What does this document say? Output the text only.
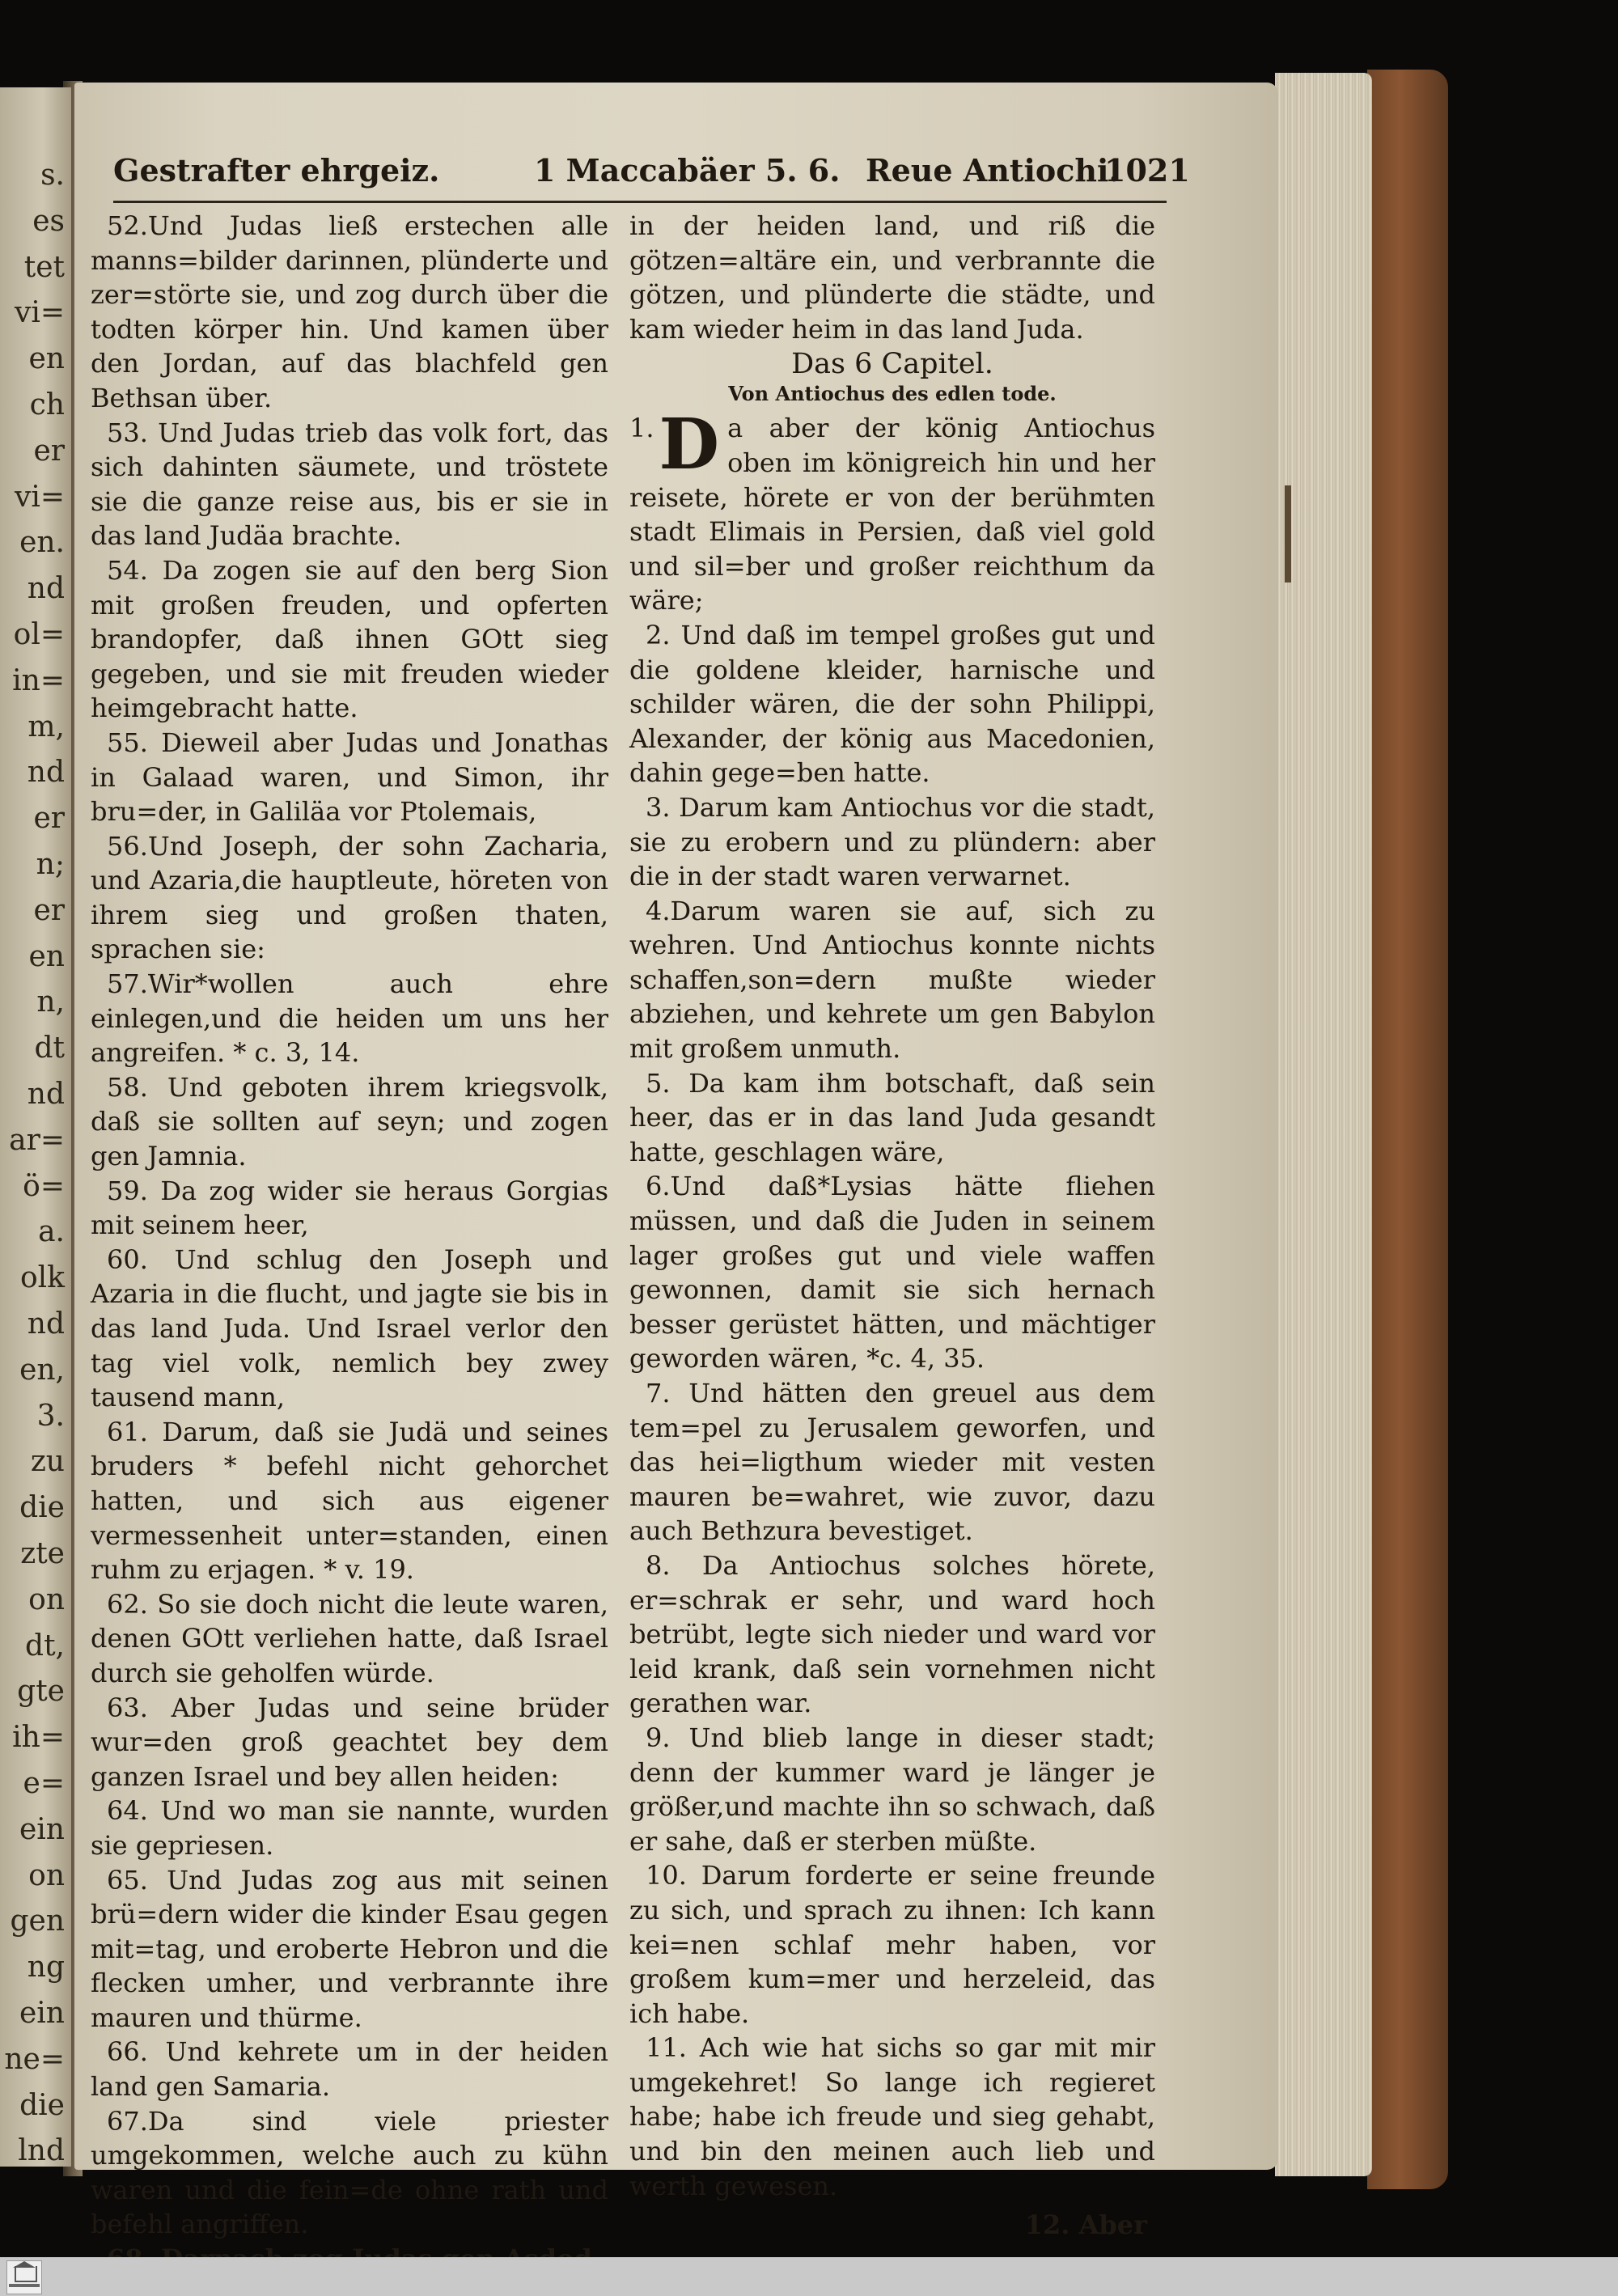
s.
es
tet
vi=
en
ch
er
vi=
en.
nd
ol=
in=
m,
nd
er
n;
er
en
n,
dt
nd
ar=
ö=
a.
olk
nd
en,
3.
zu
die
zte
on
dt,
gte
ih=
e=
ein
on
gen
ng
ein
ne=
die
lnd
Gestrafter ehrgeiz.	1 Maccabäer 5. 6. Reue Antiochi.
1021

52.Und Judas ließ erstechen alle manns=bilder darinnen, plünderte und zer=störte sie, und zog durch über die todten körper hin. Und kamen über den Jordan, auf das blachfeld gen Bethsan über.

53. Und Judas trieb das volk fort, das sich dahinten säumete, und tröstete sie die ganze reise aus, bis er sie in das land Judäa brachte.

54. Da zogen sie auf den berg Sion mit großen freuden, und opferten brandopfer, daß ihnen GOtt sieg gegeben, und sie mit freuden wieder heimgebracht hatte.

55. Dieweil aber Judas und Jonathas in Galaad waren, und Simon, ihr bru=der, in Galiläa vor Ptolemais,

56.Und Joseph, der sohn Zacharia, und Azaria,die hauptleute, höreten von ihrem sieg und großen thaten, sprachen sie:

57.Wir*wollen auch ehre einlegen,und die heiden um uns her angreifen. * c. 3, 14.

58. Und geboten ihrem kriegsvolk, daß sie sollten auf seyn; und zogen gen Jamnia.

59. Da zog wider sie heraus Gorgias mit seinem heer,

60. Und schlug den Joseph und Azaria in die flucht, und jagte sie bis in das land Juda. Und Israel verlor den tag viel volk, nemlich bey zwey tausend mann,

61. Darum, daß sie Judä und seines bruders * befehl nicht gehorchet hatten, und sich aus eigener vermessenheit unter=standen, einen ruhm zu erjagen. * v. 19.

62. So sie doch nicht die leute waren, denen GOtt verliehen hatte, daß Israel durch sie geholfen würde.

63. Aber Judas und seine brüder wur=den groß geachtet bey dem ganzen Israel und bey allen heiden:

64. Und wo man sie nannte, wurden sie gepriesen.

65. Und Judas zog aus mit seinen brü=dern wider die kinder Esau gegen mit=tag, und eroberte Hebron und die flecken umher, und verbrannte ihre mauren und thürme.

66. Und kehrete um in der heiden land gen Samaria.

67.Da sind viele priester umgekommen, welche auch zu kühn waren und die fein=de ohne rath und befehl angriffen.

in der heiden land, und riß die götzen=altäre ein, und verbrannte die götzen, und plünderte die städte, und kam wieder heim in das land Juda.

Das 6 Capitel.

Von Antiochus des edlen tode.

1. D a aber der könig Antiochus oben im königreich hin und her reisete, hörete er von der berühmten stadt Elimais in Persien, daß viel gold und sil=ber und großer reichthum da wäre;

2. Und daß im tempel großes gut und die goldene kleider, harnische und schilder wären, die der sohn Philippi, Alexander, der könig aus Macedonien, dahin gege=ben hatte.

3. Darum kam Antiochus vor die stadt, sie zu erobern und zu plündern: aber die in der stadt waren verwarnet.

4.Darum waren sie auf, sich zu wehren. Und Antiochus konnte nichts schaffen,son=dern mußte wieder abziehen, und kehrete um gen Babylon mit großem unmuth.

5. Da kam ihm botschaft, daß sein heer, das er in das land Juda gesandt hatte, geschlagen wäre,

6.Und daß*Lysias hätte fliehen müssen, und daß die Juden in seinem lager großes gut und viele waffen gewonnen, damit sie sich hernach besser gerüstet hätten, und mächtiger geworden wären, *c. 4, 35.

7. Und hätten den greuel aus dem tem=pel zu Jerusalem geworfen, und das hei=ligthum wieder mit vesten mauren be=wahret, wie zuvor, dazu auch Bethzura bevestiget.

8. Da Antiochus solches hörete, er=schrak er sehr, und ward hoch betrübt, legte sich nieder und ward vor leid krank, daß sein vornehmen nicht gerathen war.

9. Und blieb lange in dieser stadt; denn der kummer ward je länger je größer,und machte ihn so schwach, daß er sahe, daß er sterben müßte.

10. Darum forderte er seine freunde zu sich, und sprach zu ihnen: Ich kann kei=nen schlaf mehr haben, vor großem kum=mer und herzeleid, das ich habe.

11. Ach wie hat sichs so gar mit mir umgekehret! So lange ich regieret habe; habe ich freude und sieg gehabt, und bin den meinen auch lieb und werth gewesen.

12. Aber
